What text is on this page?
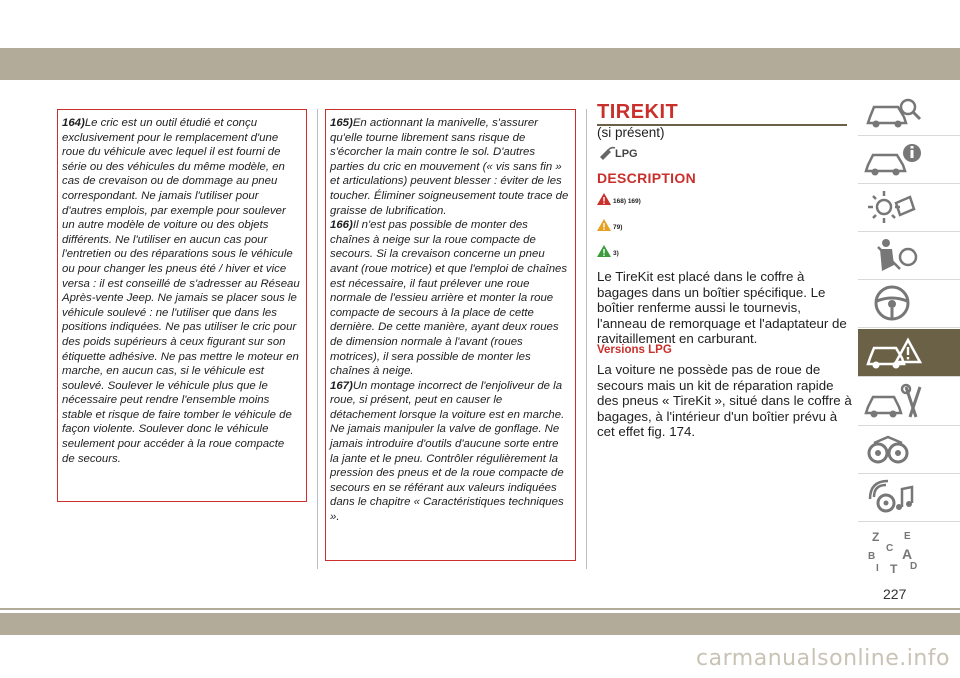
164)Le cric est un outil étudié et conçu exclusivement pour le remplacement d'une roue du véhicule avec lequel il est fourni de série ou des véhicules du même modèle, en cas de crevaison ou de dommage au pneu correspondant. Ne jamais l'utiliser pour d'autres emplois, par exemple pour soulever un autre modèle de voiture ou des objets différents. Ne l'utiliser en aucun cas pour l'entretien ou des réparations sous le véhicule ou pour changer les pneus été / hiver et vice versa : il est conseillé de s'adresser au Réseau Après-vente Jeep. Ne jamais se placer sous le véhicule soulevé : ne l'utiliser que dans les positions indiquées. Ne pas utiliser le cric pour des poids supérieurs à ceux figurant sur son étiquette adhésive. Ne pas mettre le moteur en marche, en aucun cas, si le véhicule est soulevé. Soulever le véhicule plus que le nécessaire peut rendre l'ensemble moins stable et risque de faire tomber le véhicule de façon violente. Soulever donc le véhicule seulement pour accéder à la roue compacte de secours.

165)En actionnant la manivelle, s'assurer qu'elle tourne librement sans risque de s'écorcher la main contre le sol. D'autres parties du cric en mouvement (« vis sans fin » et articulations) peuvent blesser : éviter de les toucher. Éliminer soigneusement toute trace de graisse de lubrification.

166)Il n'est pas possible de monter des chaînes à neige sur la roue compacte de secours. Si la crevaison concerne un pneu avant (roue motrice) et que l'emploi de chaînes est nécessaire, il faut prélever une roue normale de l'essieu arrière et monter la roue compacte de secours à la place de cette dernière. De cette manière, ayant deux roues de dimension normale à l'avant (roues motrices), il sera possible de monter les chaînes à neige.

167)Un montage incorrect de l'enjoliveur de la roue, si présent, peut en causer le détachement lorsque la voiture est en marche. Ne jamais manipuler la valve de gonflage. Ne jamais introduire d'outils d'aucune sorte entre la jante et le pneu. Contrôler régulièrement la pression des pneus et de la roue compacte de secours en se référant aux valeurs indiquées dans le chapitre « Caractéristiques techniques ».

TIREKIT
(si présent)
LPG
DESCRIPTION
168) 169)
79)
3)

Le TireKit est placé dans le coffre à bagages dans un boîtier spécifique. Le boîtier renferme aussi le tournevis, l'anneau de remorquage et l'adaptateur de ravitaillement en carburant.

Versions LPG

La voiture ne possède pas de roue de secours mais un kit de réparation rapide des pneus « TireKit », situé dans le coffre à bagages, à l'intérieur d'un boîtier prévu à cet effet fig. 174.

Z E
B A
I
C
T D
227
carmanualsonline.info
